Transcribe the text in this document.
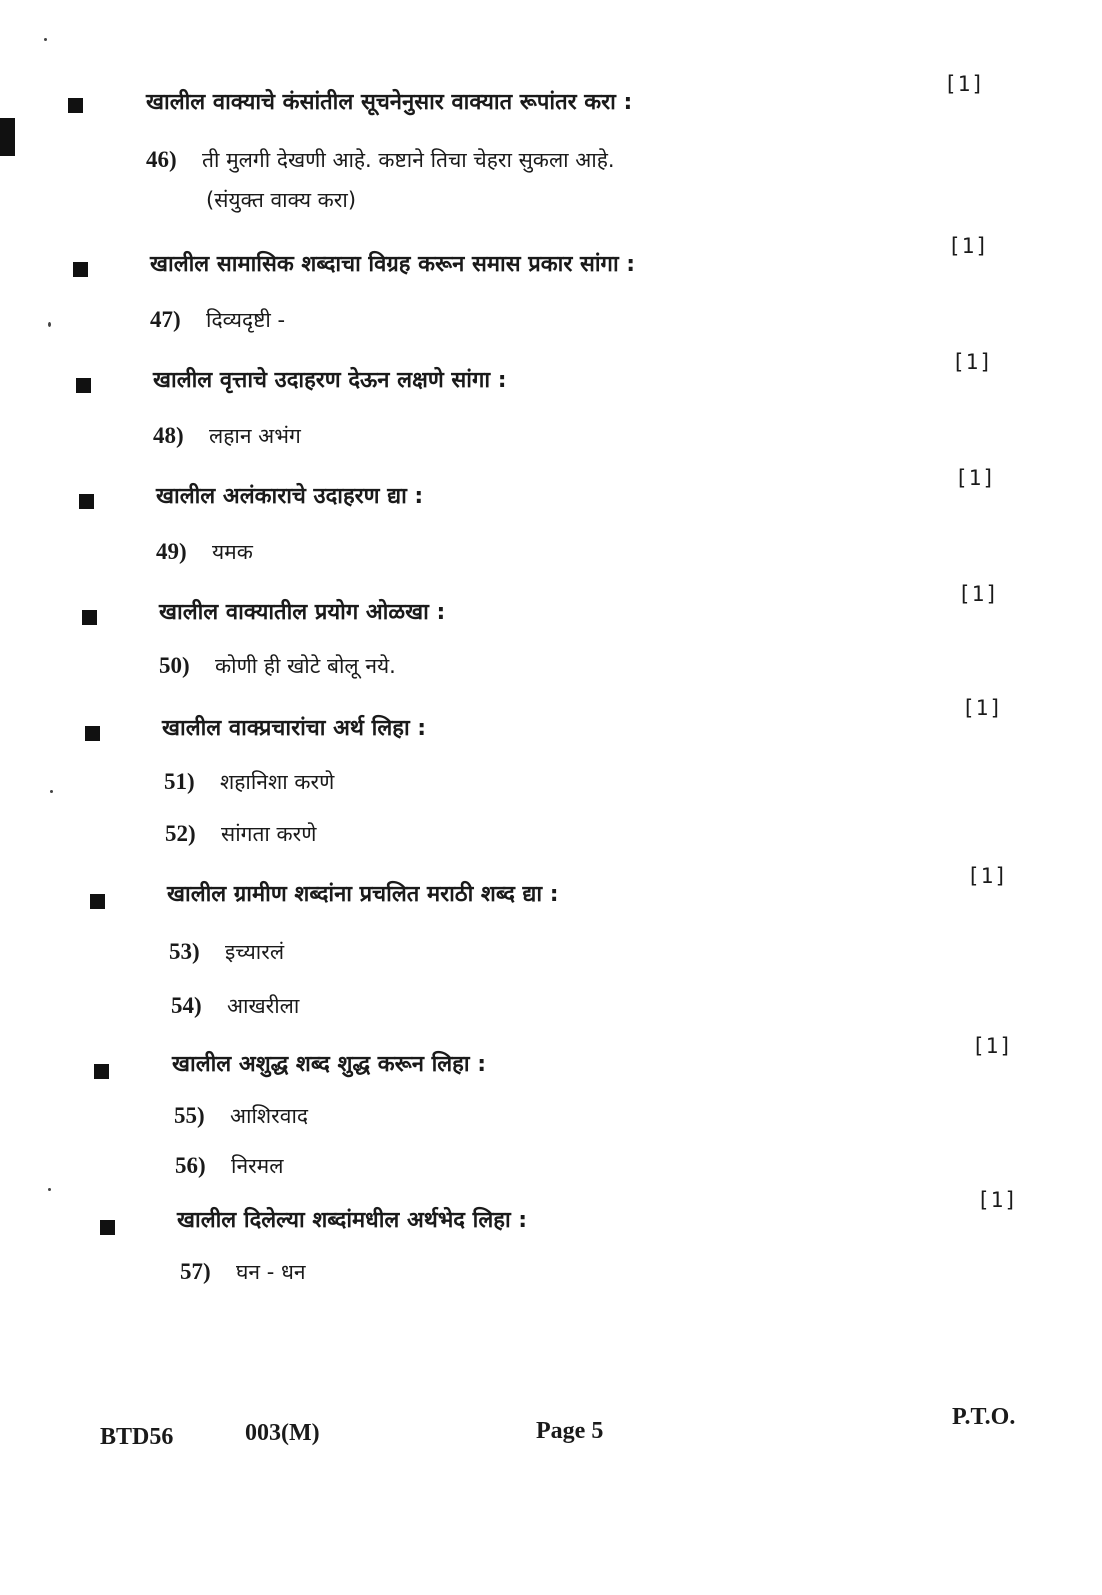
खालील वाक्याचे कंसांतील सूचनेनुसार वाक्यात रूपांतर करा :
[1]
46) ती मुलगी देखणी आहे. कष्टाने तिचा चेहरा सुकला आहे.
(संयुक्त वाक्य करा)
खालील सामासिक शब्दाचा विग्रह करून समास प्रकार सांगा :
[1]
47) दिव्यदृष्टी -
खालील वृत्ताचे उदाहरण देऊन लक्षणे सांगा :
[1]
48) लहान अभंग
खालील अलंकाराचे उदाहरण द्या :
[1]
49) यमक
खालील वाक्यातील प्रयोग ओळखा :
[1]
50) कोणी ही खोटे बोलू नये.
खालील वाक्प्रचारांचा अर्थ लिहा :
[1]
51) शहानिशा करणे
52) सांगता करणे
खालील ग्रामीण शब्दांना प्रचलित मराठी शब्द द्या :
[1]
53) इच्यारलं
54) आखरीला
खालील अशुद्ध शब्द शुद्ध करून लिहा :
[1]
55) आशिरवाद
56) निरमल
खालील दिलेल्या शब्दांमधील अर्थभेद लिहा :
[1]
57) घन - धन
BTD56	003(M)	Page 5
P.T.O.
